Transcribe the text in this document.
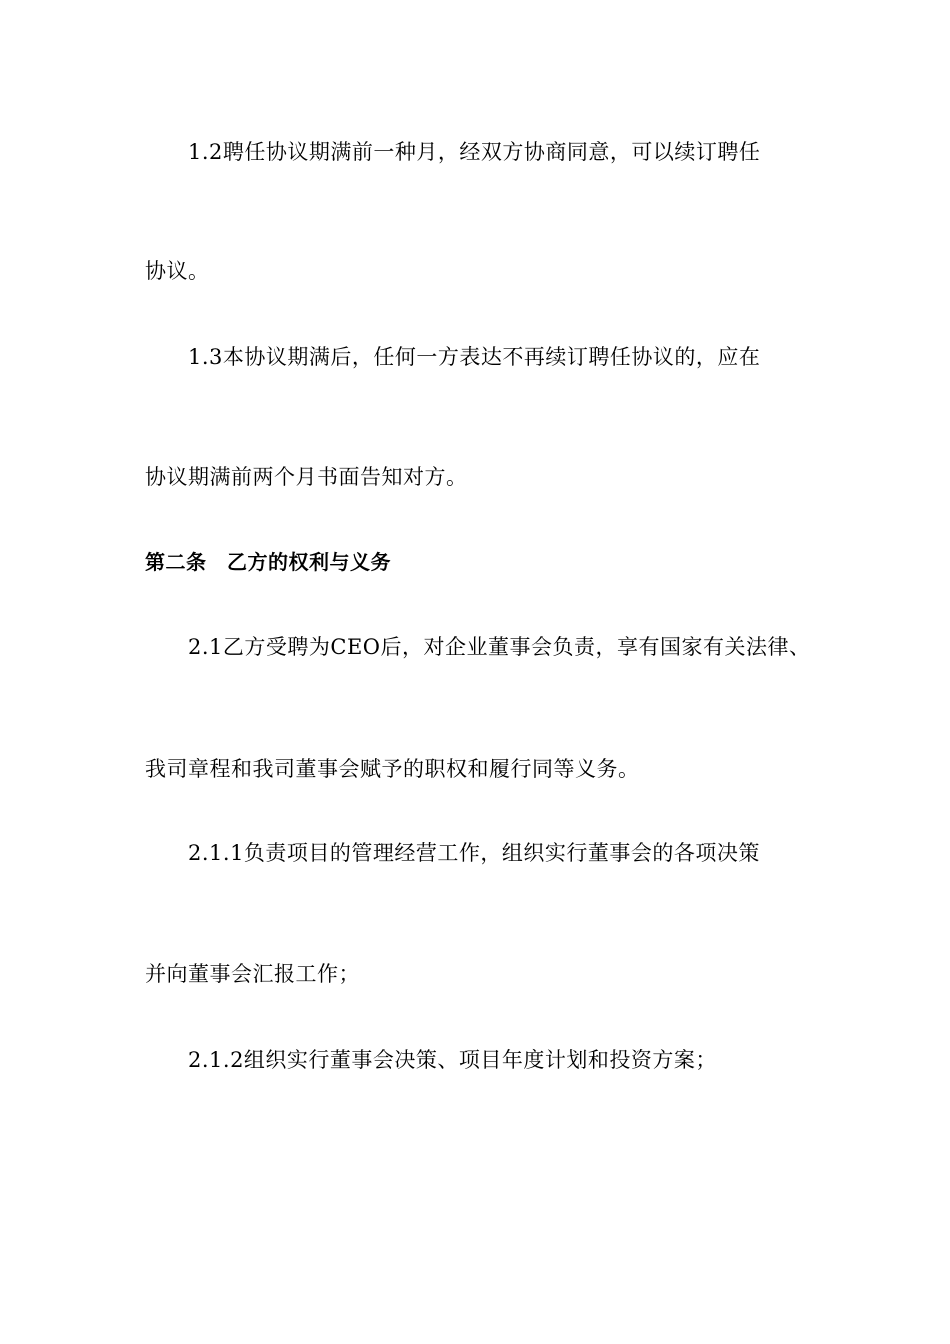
1.2聘任协议期满前一种月，经双方协商同意，可以续订聘任
协议。
1.3本协议期满后，任何一方表达不再续订聘任协议的，应在
协议期满前两个月书面告知对方。
第二条　乙方的权利与义务
2.1乙方受聘为CEO后，对企业董事会负责，享有国家有关法律、
我司章程和我司董事会赋予的职权和履行同等义务。
2.1.1负责项目的管理经营工作，组织实行董事会的各项决策
并向董事会汇报工作；
2.1.2组织实行董事会决策、项目年度计划和投资方案；
